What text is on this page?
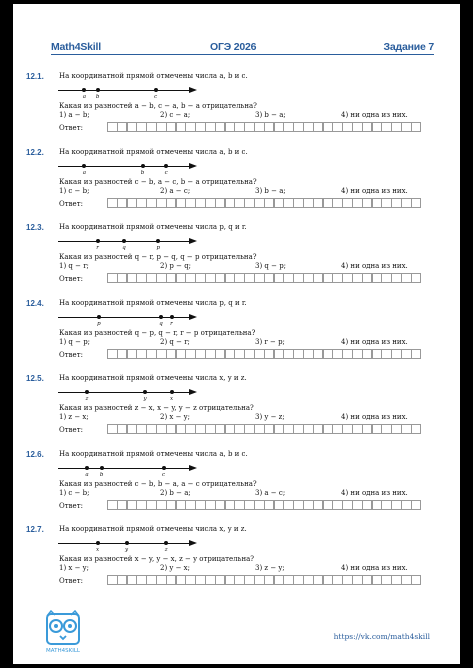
Math4Skill	ОГЭ 2026	Задание 7
12.1. На координатной прямой отмечены числа a, b и c.
a	b	c
Какая из разностей a − b, c − a, b − a отрицательна?
1) a − b;	2) c − a;	3) b − a;	4) ни одна из них.
Ответ:
12.2. На координатной прямой отмечены числа a, b и c.
a	b	c
Какая из разностей c − b, a − c, b − a отрицательна?
1) c − b;	2) a − c;	3) b − a;	4) ни одна из них.
Ответ:
12.3. На координатной прямой отмечены числа p, q и r.
r	q	p
Какая из разностей q − r, p − q, q − p отрицательна?
1) q − r;	2) p − q;	3) q − p;	4) ни одна из них.
Ответ:
12.4. На координатной прямой отмечены числа p, q и r.
p	q	r
Какая из разностей q − p, q − r, r − p отрицательна?
1) q − p;	2) q − r;	3) r − p;	4) ни одна из них.
Ответ:
12.5. На координатной прямой отмечены числа x, y и z.
z	y	x
Какая из разностей z − x, x − y, y − z отрицательна?
1) z − x;	2) x − y;	3) y − z;	4) ни одна из них.
Ответ:
12.6. На координатной прямой отмечены числа a, b и c.
a	b	c
Какая из разностей c − b, b − a, a − c отрицательна?
1) c − b;	2) b − a;	3) a − c;	4) ни одна из них.
Ответ:
12.7. На координатной прямой отмечены числа x, y и z.
x	y	z
Какая из разностей x − y, y − x, z − y отрицательна?
1) x − y;	2) y − x;	3) z − y;	4) ни одна из них.
Ответ:
MATH4SKILL
https://vk.com/math4skill
